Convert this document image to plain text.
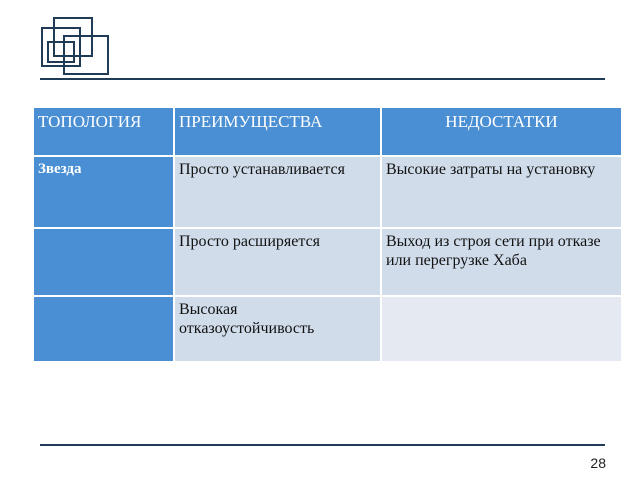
ТОПОЛОГИЯ	ПРЕИМУЩЕСТВА	НЕДОСТАТКИ
Звезда	Просто устанавливается	Высокие затраты на установку
	Просто расширяется	Выход из строя сети при отказе или перегрузке Хаба
	Высокая отказоустойчивость	
28
